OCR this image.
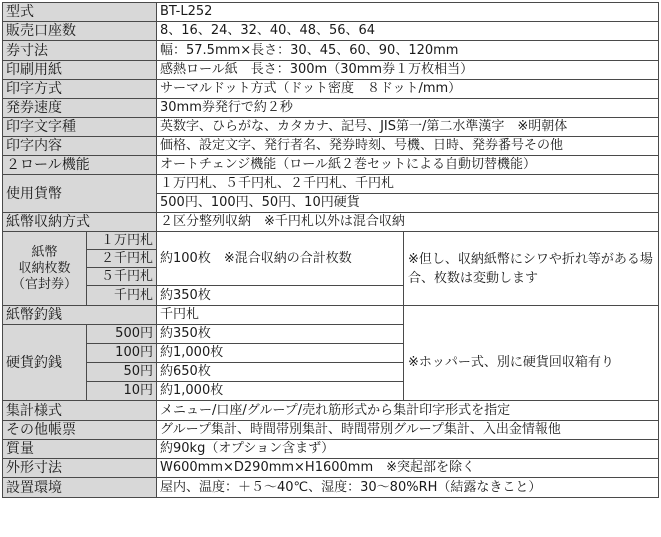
型式		BT-L252	
販売口座数		8、16、24、32、40、48、56、64	
券寸法		幅：57.5mm×長さ：30、45、60、90、120mm	
印刷用紙		感熱ロール紙　長さ：300m（30mm券１万枚相当）	
印字方式		サーマルドット方式（ドット密度　８ドット/mm）	
発券速度		30mm券発行で約２秒	
印字文字種		英数字、ひらがな、カタカナ、記号、JIS第一/第二水準漢字　※明朝体	
印字内容		価格、設定文字、発行者名、発券時刻、号機、日時、発券番号その他	
２ロール機能		オートチェンジ機能（ロール紙２巻セットによる自動切替機能）	
使用貨幣		１万円札、５千円札、２千円札、千円札	
		500円、100円、50円、10円硬貨	
紙幣収納方式		２区分整列収納　※千円札以外は混合収納	

紙幣
収納枚数
（官封券）	１万円札	約100枚　※混合収納の合計枚数	※但し、収納紙幣にシワや折れ等がある場合、枚数は変動します
	２千円札		
	５千円札		
	千円札	約350枚	
紙幣釣銭		千円札	
硬貨釣銭	500円	約350枚	※ホッパー式、別に硬貨回収箱有り
	100円	約1,000枚	
	50円	約650枚	
	10円	約1,000枚	
集計様式		メニュー/口座/グループ/売れ筋形式から集計印字形式を指定	
その他帳票		グループ集計、時間帯別集計、時間帯別グループ集計、入出金情報他	
質量		約90kg（オプション含まず）	
外形寸法		W600mm×D290mm×H1600mm　※突起部を除く	
設置環境		屋内、温度：＋５～40℃、湿度：30～80%RH（結露なきこと）	
